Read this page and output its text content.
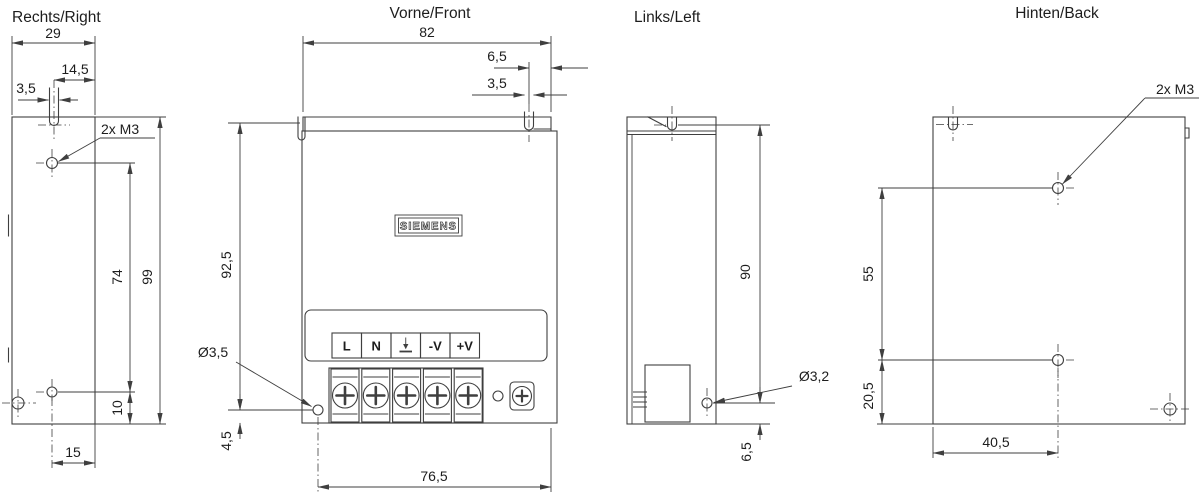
Rechts/Right
29
14,5
3,5
2x M3
74 99
10
15
Vorne/Front
82
6,5
3,5
SIEMENS
L N	-V +V
Ø3,5
4,5
92,5
76,5
Links/Left
Ø3,2
90
6,5
Hinten/Back
2x M3
55
20,5
40,5
